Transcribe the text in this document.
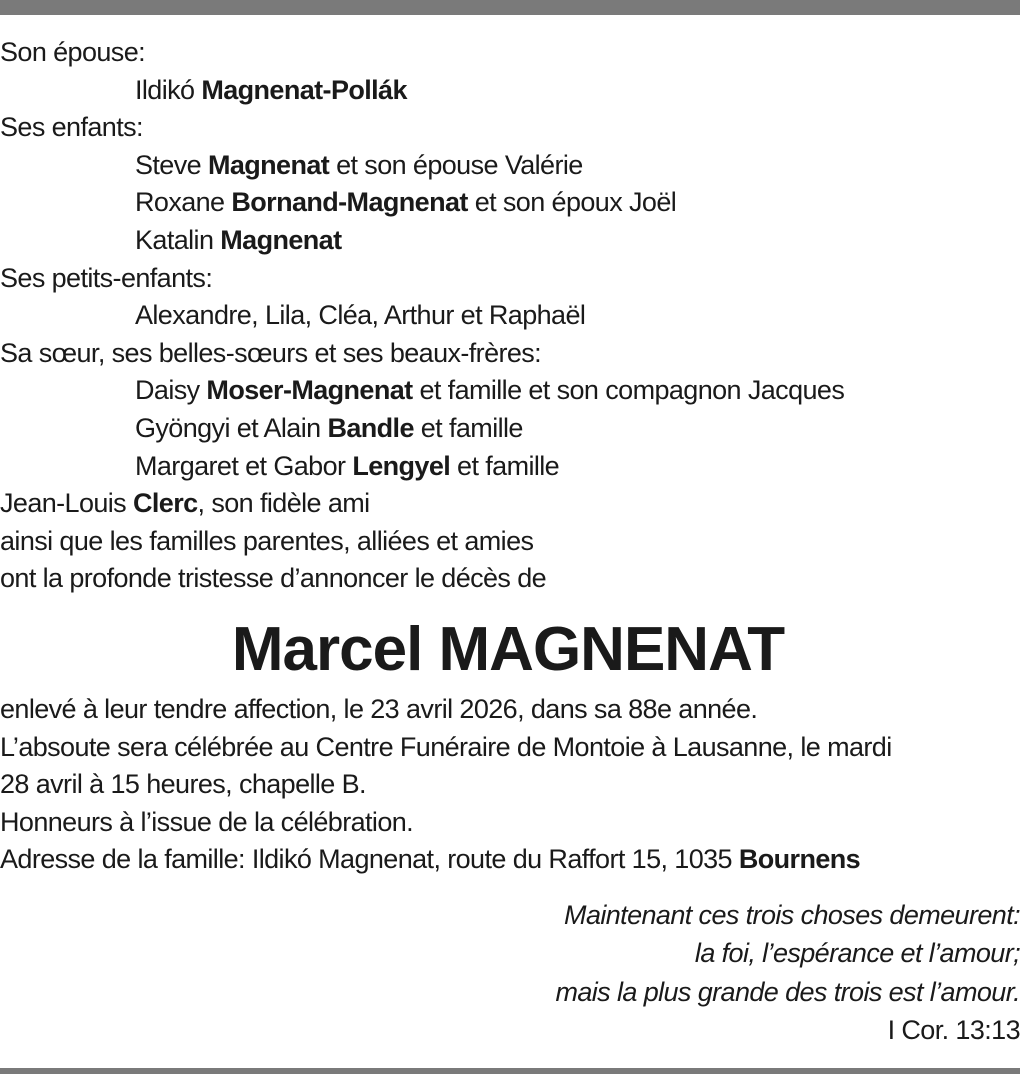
Son épouse:
Ildikó Magnenat-Pollák
Ses enfants:
Steve Magnenat et son épouse Valérie
Roxane Bornand-Magnenat et son époux Joël
Katalin Magnenat
Ses petits-enfants:
Alexandre, Lila, Cléa, Arthur et Raphaël
Sa sœur, ses belles-sœurs et ses beaux-frères:
Daisy Moser-Magnenat et famille et son compagnon Jacques
Gyöngyi et Alain Bandle et famille
Margaret et Gabor Lengyel et famille
Jean-Louis Clerc, son fidèle ami
ainsi que les familles parentes, alliées et amies
ont la profonde tristesse d’annoncer le décès de
Marcel MAGNENAT
enlevé à leur tendre affection, le 23 avril 2026, dans sa 88e année.
L’absoute sera célébrée au Centre Funéraire de Montoie à Lausanne, le mardi
28 avril à 15 heures, chapelle B.
Honneurs à l’issue de la célébration.
Adresse de la famille: Ildikó Magnenat, route du Raffort 15, 1035 Bournens
Maintenant ces trois choses demeurent:
la foi, l’espérance et l’amour;
mais la plus grande des trois est l’amour.
I Cor. 13:13
